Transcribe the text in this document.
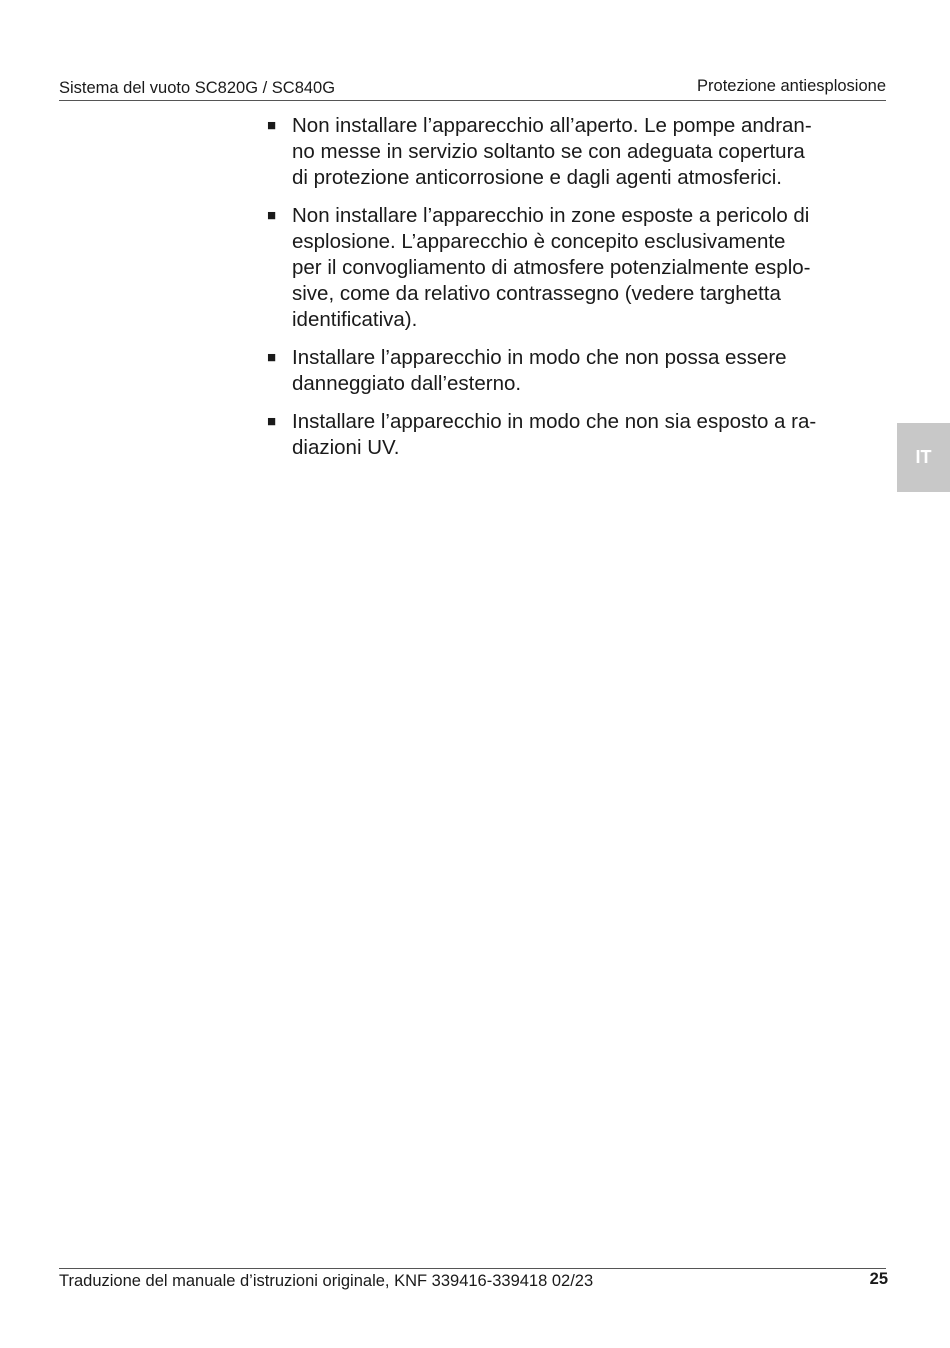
Sistema del vuoto SC820G / SC840G	Protezione antiesplosione
■ Non installare l’apparecchio all’aperto. Le pompe andran-
no messe in servizio soltanto se con adeguata copertura
di protezione anticorrosione e dagli agenti atmosferici.
■ Non installare l’apparecchio in zone esposte a pericolo di
esplosione. L’apparecchio è concepito esclusivamente
per il convogliamento di atmosfere potenzialmente esplo-
sive, come da relativo contrassegno (vedere targhetta
identificativa).
■ Installare l’apparecchio in modo che non possa essere
danneggiato dall’esterno.
■ Installare l’apparecchio in modo che non sia esposto a ra-
diazioni UV.	IT
Traduzione del manuale d’istruzioni originale, KNF 339416-339418 02/23	25
